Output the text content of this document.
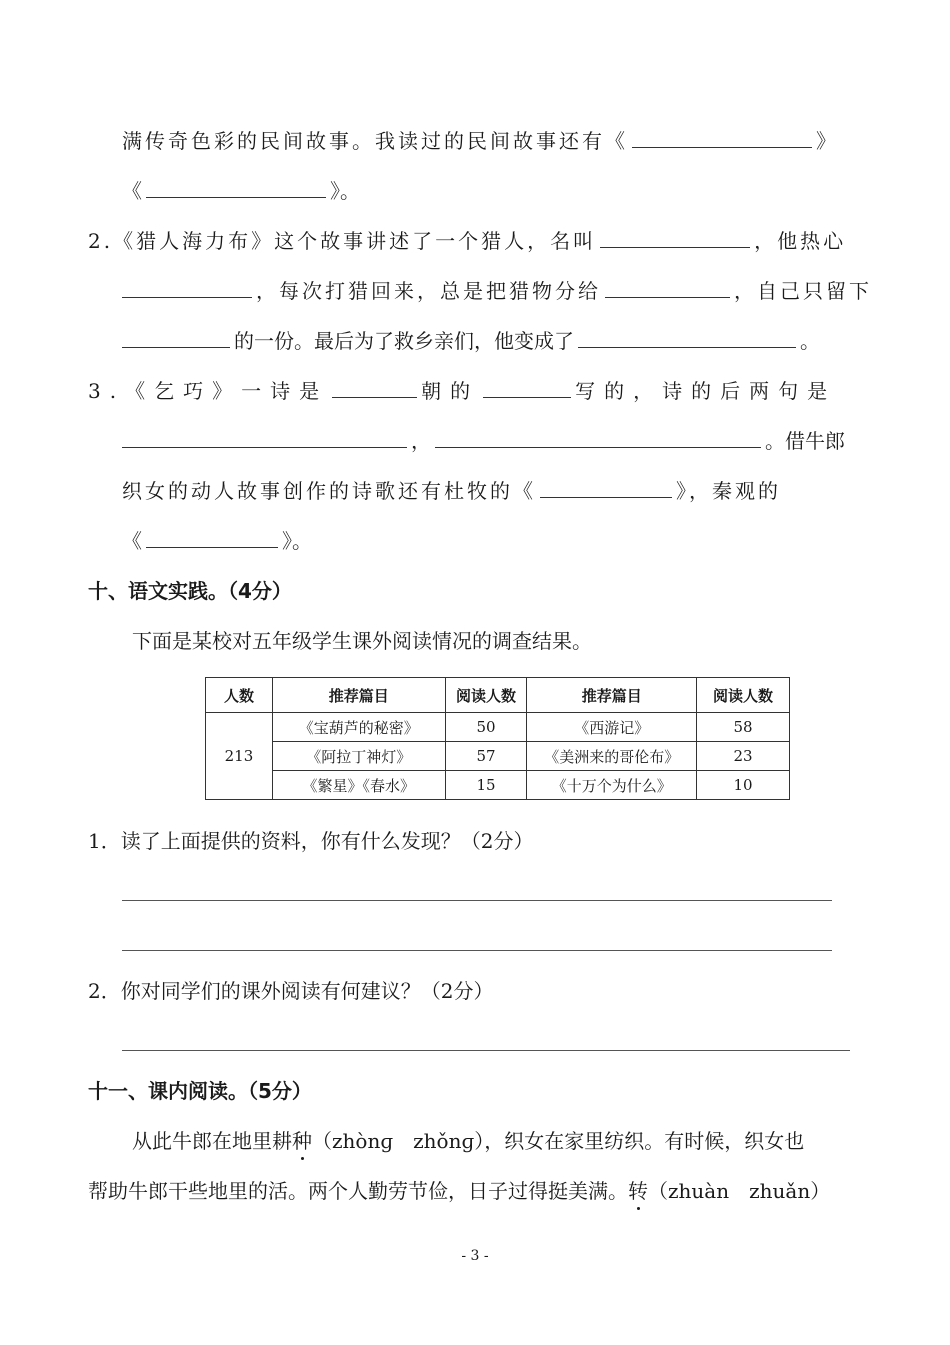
满传奇色彩的民间故事。我读过的民间故事还有《	》
《	》。
2.《猎人海力布》这个故事讲述了一个猎人，名叫	，他热心
，每次打猎回来，总是把猎物分给	，自己只留下
的一份。最后为了救乡亲们，他变成了	。
3.《乞巧》一诗是	朝的	写的，诗的后两句是
，	。借牛郎
织女的动人故事创作的诗歌还有杜牧的《	》，秦观的
《	》。
十、语文实践。（4分）
下面是某校对五年级学生课外阅读情况的调查结果。
人数	推荐篇目	阅读人数	推荐篇目	阅读人数
213	《宝葫芦的秘密》	50	《西游记》	58
	《阿拉丁神灯》	57	《美洲来的哥伦布》	23
	《繁星》《春水》	15	《十万个为什么》	10
1．读了上面提供的资料，你有什么发现？（2分）
2．你对同学们的课外阅读有何建议？（2分）
十一、课内阅读。（5分）
从此牛郎在地里耕种（zhònɡ　zhǒnɡ），织女在家里纺织。有时候，织女也
帮助牛郎干些地里的活。两个人勤劳节俭，日子过得挺美满。转（zhuàn　zhuǎn）
- 3 -
